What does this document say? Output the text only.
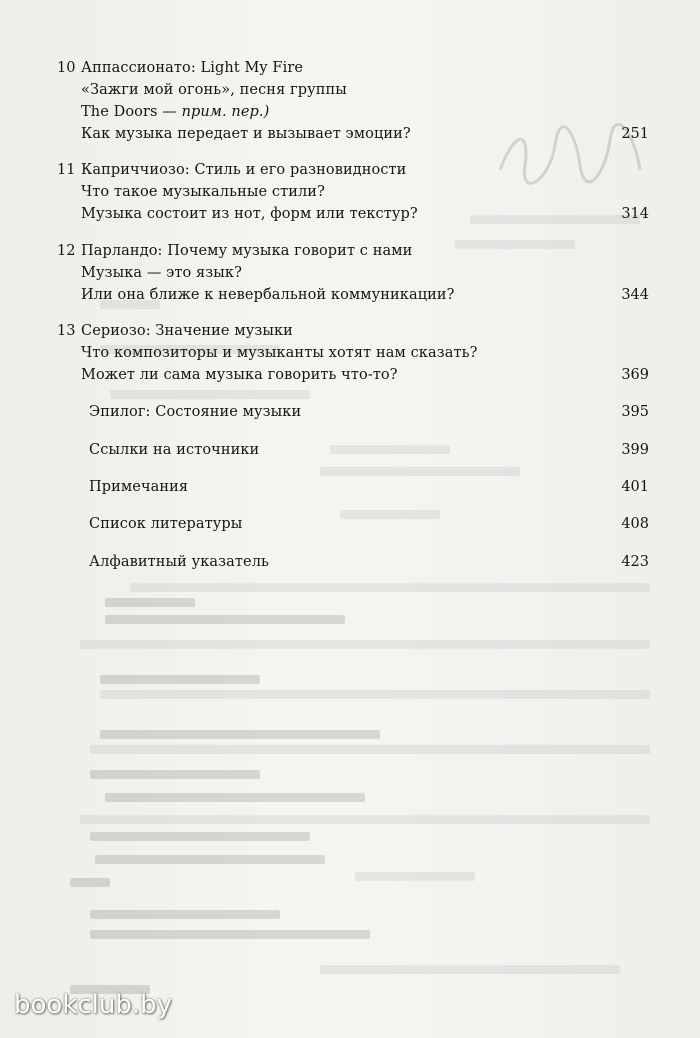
10 Аппассионато: Light My Fire
«Зажги мой огонь», песня группы
The Doors — прим. пер.)
Как музыка передает и вызывает эмоции?	251
11 Каприччиозо: Стиль и его разновидности
Что такое музыкальные стили?
Музыка состоит из нот, форм или текстур?	314
12 Парландо: Почему музыка говорит с нами
Музыка — это язык?
Или она ближе к невербальной коммуникации?	344
13 Сериозо: Значение музыки
Что композиторы и музыканты хотят нам сказать?
Может ли сама музыка говорить что-то?	369
Эпилог: Состояние музыки	395
Ссылки на источники	399
Примечания	401
Список литературы	408
Алфавитный указатель	423
bookclub.by
